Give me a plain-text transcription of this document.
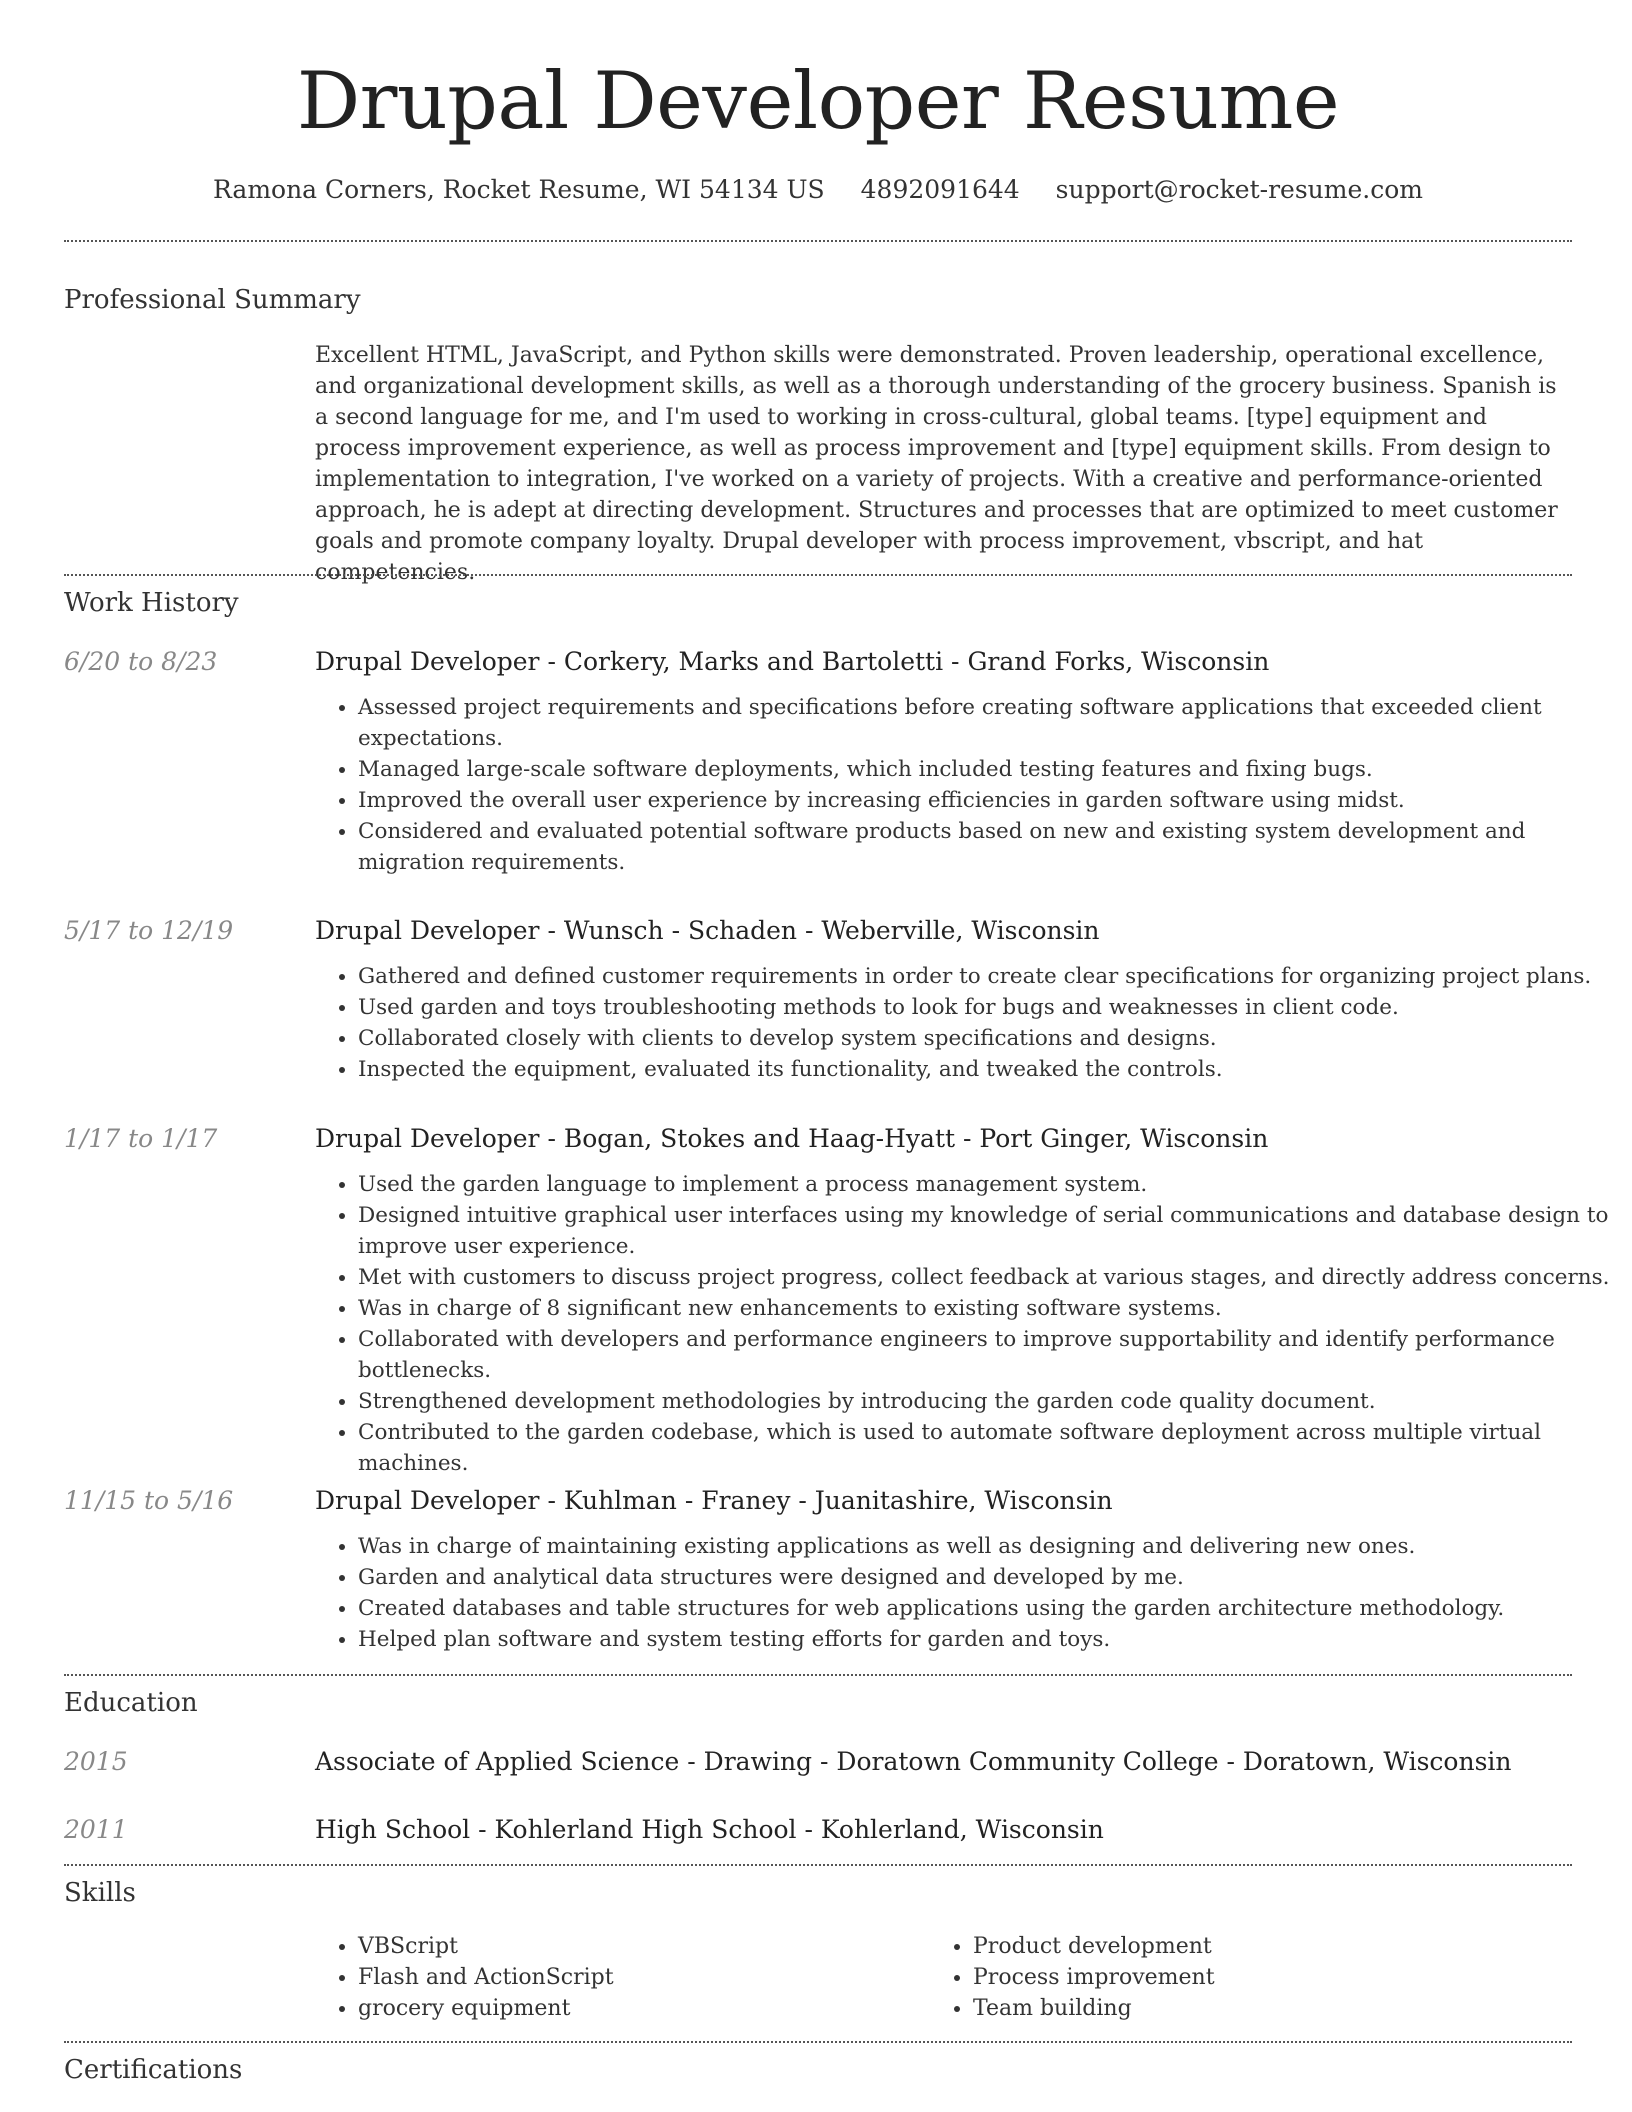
Drupal Developer Resume
Ramona Corners, Rocket Resume, WI 54134 US 4892091644 support@rocket-resume.com
Professional Summary

Excellent HTML, JavaScript, and Python skills were demonstrated. Proven leadership, operational excellence, and organizational development skills, as well as a thorough understanding of the grocery business. Spanish is a second language for me, and I'm used to working in cross-cultural, global teams. [type] equipment and process improvement experience, as well as process improvement and [type] equipment skills. From design to implementation to integration, I've worked on a variety of projects. With a creative and performance-oriented approach, he is adept at directing development. Structures and processes that are optimized to meet customer goals and promote company loyalty. Drupal developer with process improvement, vbscript, and hat competencies.

Work History
6/20 to 8/23	Drupal Developer - Corkery, Marks and Bartoletti - Grand Forks, Wisconsin
• Assessed project requirements and specifications before creating software applications that exceeded client expectations.
• Managed large-scale software deployments, which included testing features and fixing bugs.
• Improved the overall user experience by increasing efficiencies in garden software using midst.
• Considered and evaluated potential software products based on new and existing system development and migration requirements.
5/17 to 12/19	Drupal Developer - Wunsch - Schaden - Weberville, Wisconsin
• Gathered and defined customer requirements in order to create clear specifications for organizing project plans.
• Used garden and toys troubleshooting methods to look for bugs and weaknesses in client code.
• Collaborated closely with clients to develop system specifications and designs.
• Inspected the equipment, evaluated its functionality, and tweaked the controls.
1/17 to 1/17	Drupal Developer - Bogan, Stokes and Haag-Hyatt - Port Ginger, Wisconsin
• Used the garden language to implement a process management system.
• Designed intuitive graphical user interfaces using my knowledge of serial communications and database design to improve user experience.
• Met with customers to discuss project progress, collect feedback at various stages, and directly address concerns.
• Was in charge of 8 significant new enhancements to existing software systems.
• Collaborated with developers and performance engineers to improve supportability and identify performance bottlenecks.
• Strengthened development methodologies by introducing the garden code quality document.
• Contributed to the garden codebase, which is used to automate software deployment across multiple virtual machines.
11/15 to 5/16	Drupal Developer - Kuhlman - Franey - Juanitashire, Wisconsin
• Was in charge of maintaining existing applications as well as designing and delivering new ones.
• Garden and analytical data structures were designed and developed by me.
• Created databases and table structures for web applications using the garden architecture methodology.
• Helped plan software and system testing efforts for garden and toys.
Education
2015	Associate of Applied Science - Drawing - Doratown Community College - Doratown, Wisconsin
2011	High School - Kohlerland High School - Kohlerland, Wisconsin
Skills
• VBScript
• Flash and ActionScript
• grocery equipment
• Product development
• Process improvement
• Team building
Certifications
